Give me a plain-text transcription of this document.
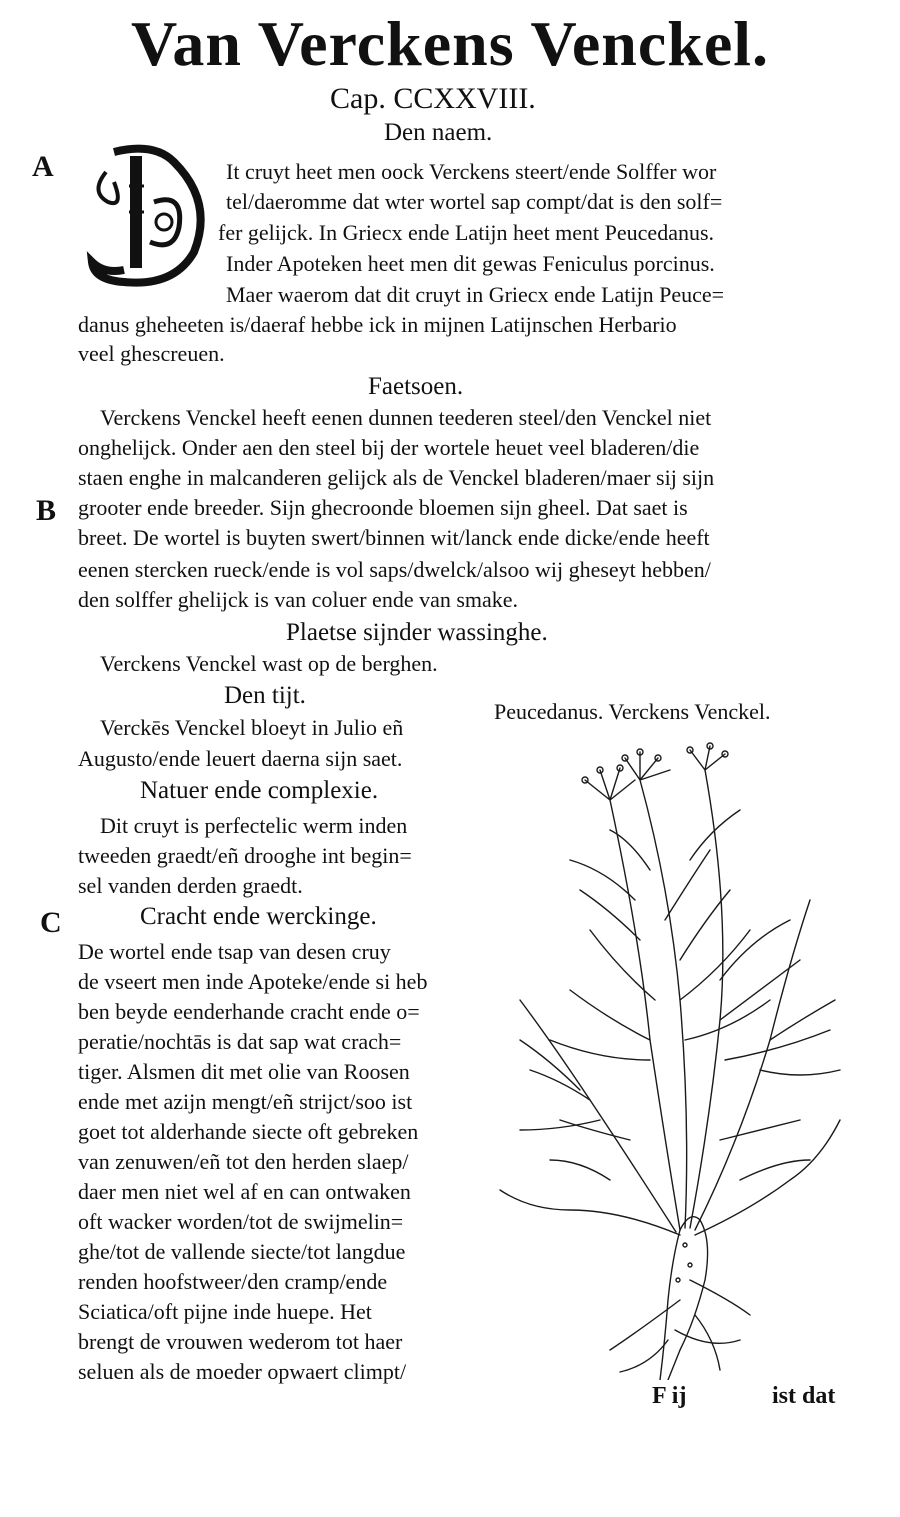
Van Verckens Venckel.
Cap. CCXXVIII.
Den naem.
A	It cruyt heet men oock Verckens steert/ende Solffer wor
tel/daeromme dat wter wortel sap compt/dat is den solf=
fer gelijck. In Griecx ende Latijn heet ment Peucedanus.
Inder Apoteken heet men dit gewas Feniculus porcinus.
Maer waerom dat dit cruyt in Griecx ende Latijn Peuce=
danus gheheeten is/daeraf hebbe ick in mijnen Latijnschen Herbario
veel ghescreuen.
Faetsoen.
Verckens Venckel heeft eenen dunnen teederen steel/den Venckel niet
onghelijck. Onder aen den steel bij der wortele heuet veel bladeren/die
staen enghe in malcanderen gelijck als de Venckel bladeren/maer sij sijn
B grooter ende breeder. Sijn ghecroonde bloemen sijn gheel. Dat saet is
breet. De wortel is buyten swert/binnen wit/lanck ende dicke/ende heeft
eenen stercken rueck/ende is vol saps/dwelck/alsoo wij gheseyt hebben/
den solffer ghelijck is van coluer ende van smake.
Plaetse sijnder wassinghe.
Verckens Venckel wast op de berghen.
Den tijt.
Verckēs Venckel bloeyt in Julio eñ
Augusto/ende leuert daerna sijn saet.
Natuer ende complexie.
Dit cruyt is perfectelic werm inden
tweeden graedt/eñ drooghe int begin=
sel vanden derden graedt.
C	Cracht ende werckinge.
De wortel ende tsap van desen cruy
de vseert men inde Apoteke/ende si heb
ben beyde eenderhande cracht ende o=
peratie/nochtās is dat sap wat crach=
tiger. Alsmen dit met olie van Roosen
ende met azijn mengt/eñ strijct/soo ist
goet tot alderhande siecte oft gebreken
van zenuwen/eñ tot den herden slaep/
daer men niet wel af en can ontwaken
oft wacker worden/tot de swijmelin=
ghe/tot de vallende siecte/tot langdue
renden hoofstweer/den cramp/ende
Sciatica/oft pijne inde huepe. Het
brengt de vrouwen wederom tot haer
seluen als de moeder opwaert climpt/
Peucedanus. Verckens Venckel.
F ij	ist dat
